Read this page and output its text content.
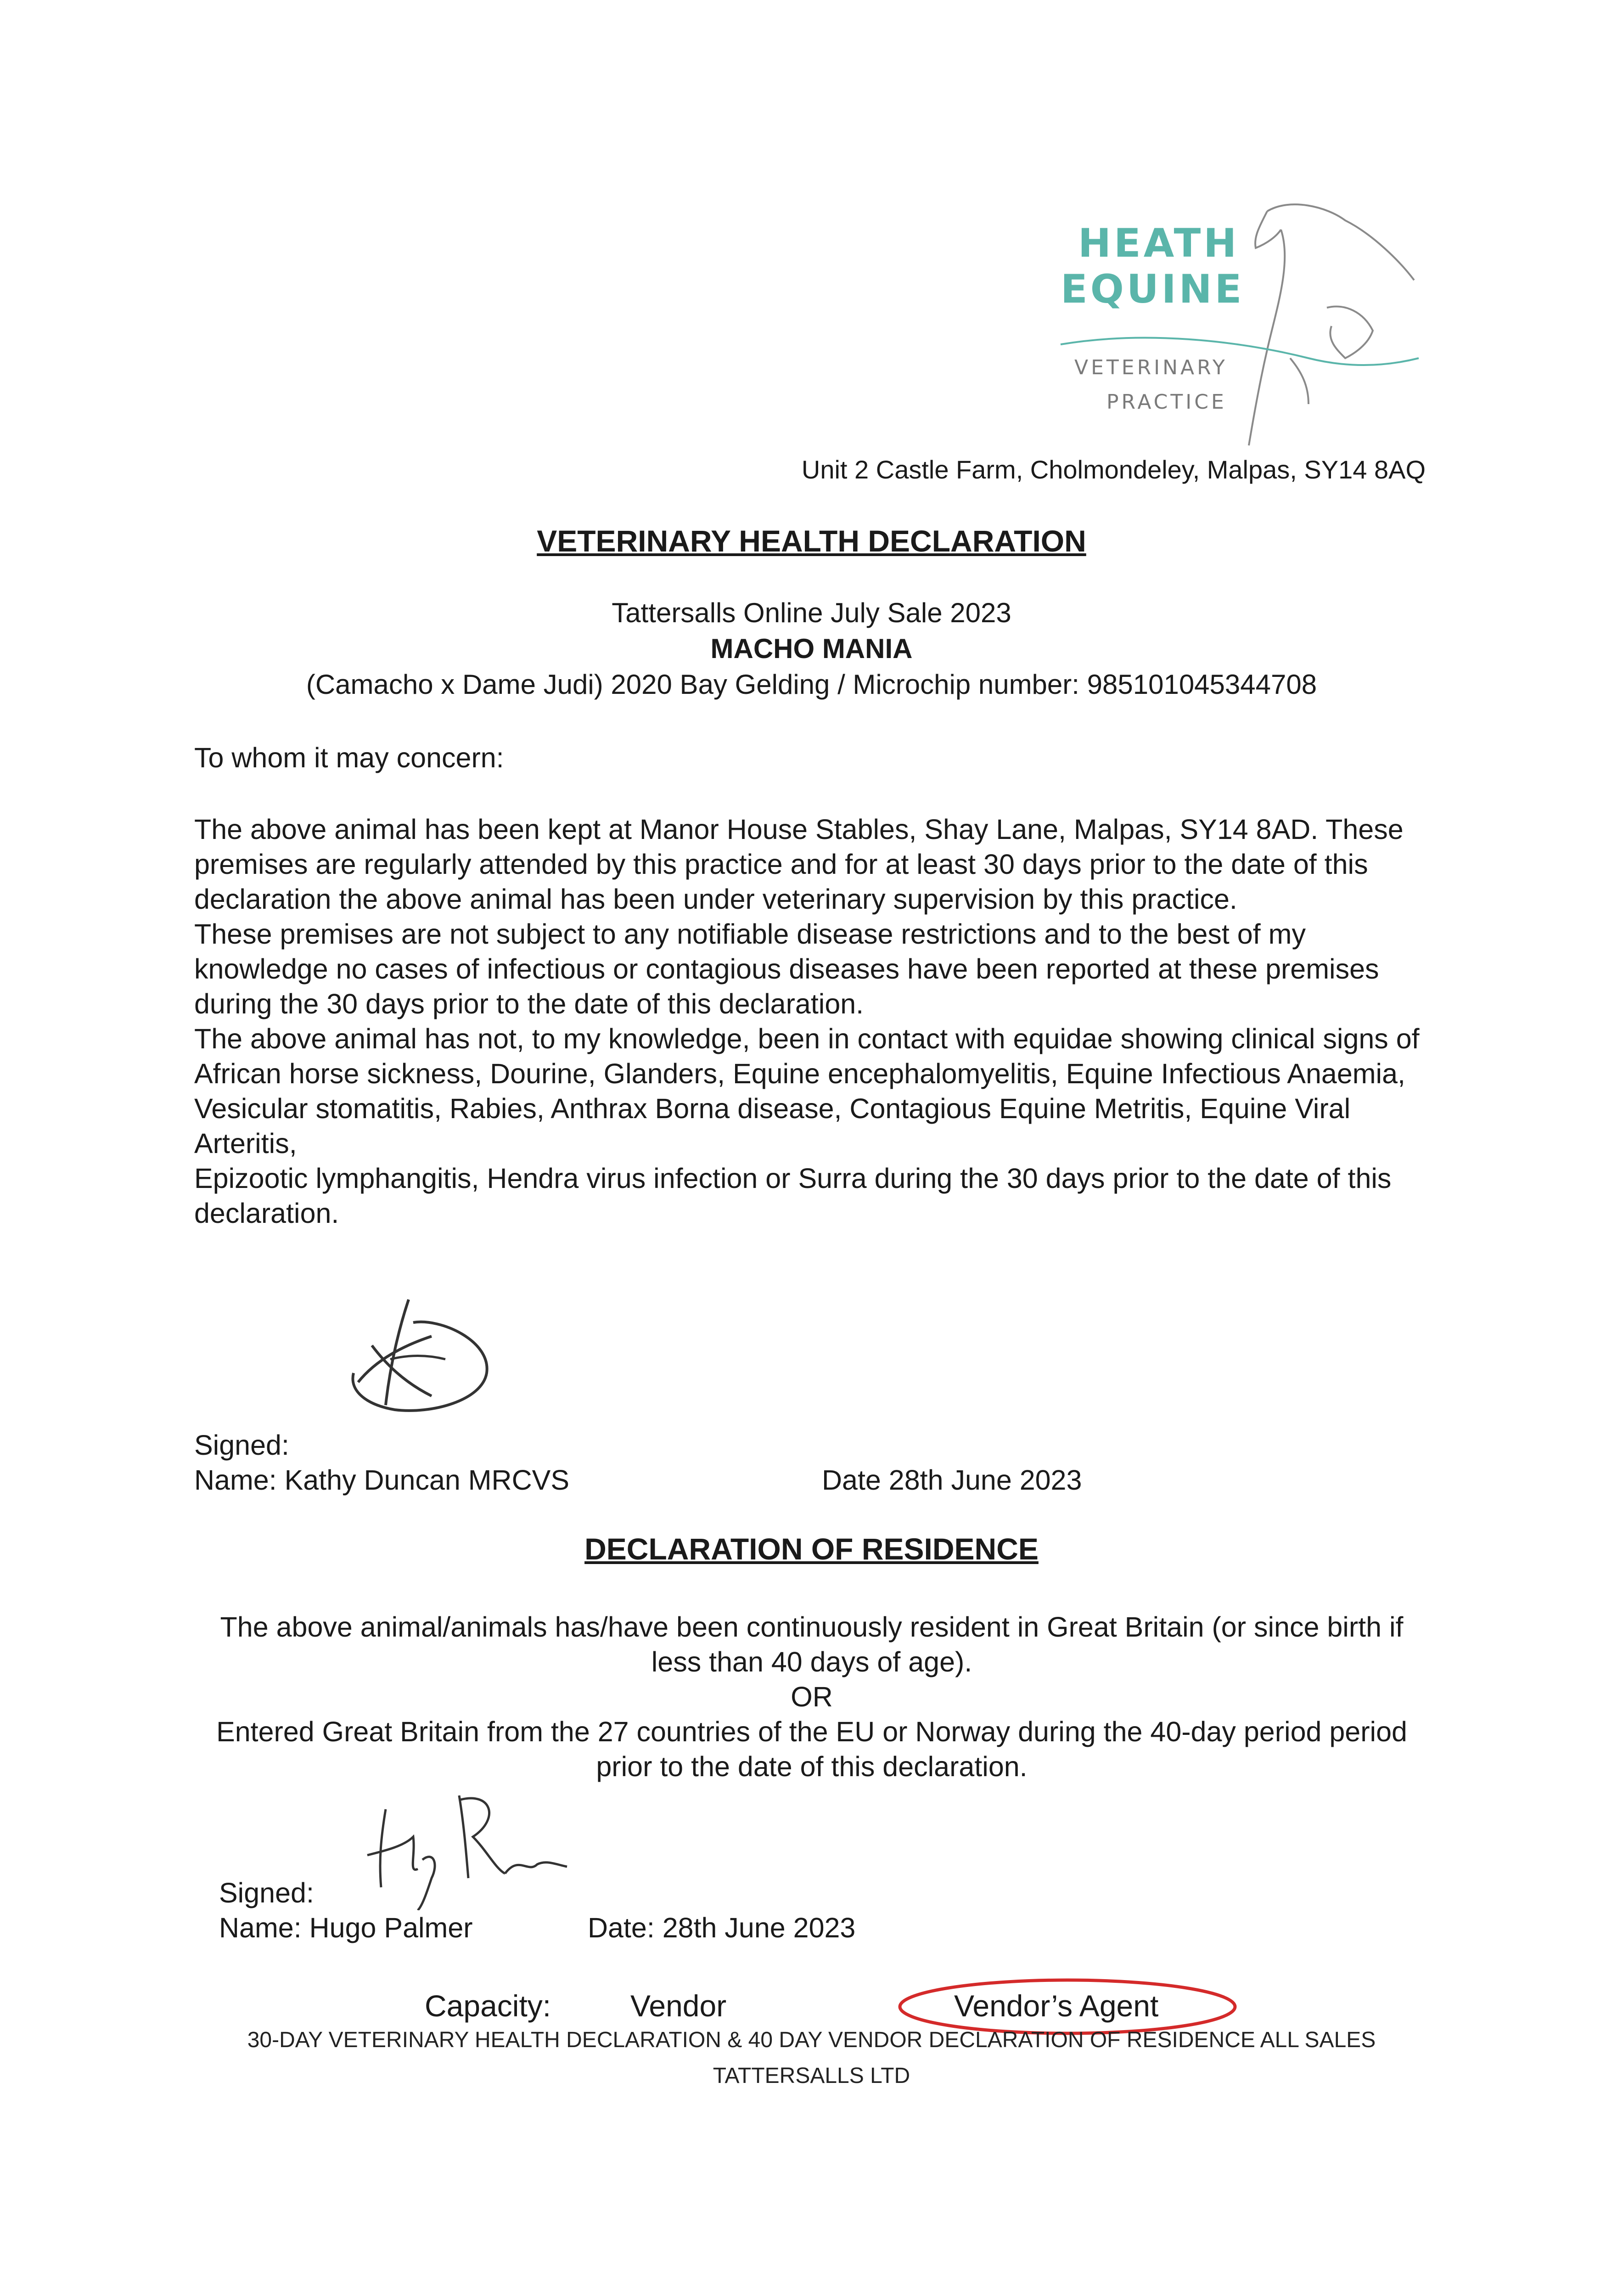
HEATH
EQUINE
VETERINARY
PRACTICE
Unit 2 Castle Farm, Cholmondeley, Malpas, SY14 8AQ
VETERINARY HEALTH DECLARATION
Tattersalls Online July Sale 2023
MACHO MANIA
(Camacho x Dame Judi) 2020 Bay Gelding / Microchip number: 985101045344708
To whom it may concern:

The above animal has been kept at Manor House Stables, Shay Lane, Malpas, SY14 8AD. These premises are regularly attended by this practice and for at least 30 days prior to the date of this declaration the above animal has been under veterinary supervision by this practice.

These premises are not subject to any notifiable disease restrictions and to the best of my knowledge no cases of infectious or contagious diseases have been reported at these premises during the 30 days prior to the date of this declaration.

The above animal has not, to my knowledge, been in contact with equidae showing clinical signs of African horse sickness, Dourine, Glanders, Equine encephalomyelitis, Equine Infectious Anaemia, Vesicular stomatitis, Rabies, Anthrax Borna disease, Contagious Equine Metritis, Equine Viral Arteritis,

Epizootic lymphangitis, Hendra virus infection or Surra during the 30 days prior to the date of this declaration.

Signed:
Name: Kathy Duncan MRCVS	Date 28th June 2023
DECLARATION OF RESIDENCE
The above animal/animals has/have been continuously resident in Great Britain (or since birth if less than 40 days of age).
OR
Entered Great Britain from the 27 countries of the EU or Norway during the 40-day period period prior to the date of this declaration.
Signed:
Name: Hugo Palmer	Date: 28th June 2023
Capacity:	Vendor	Vendor’s Agent
30-DAY VETERINARY HEALTH DECLARATION & 40 DAY VENDOR DECLARATION OF RESIDENCE ALL SALES
TATTERSALLS LTD
